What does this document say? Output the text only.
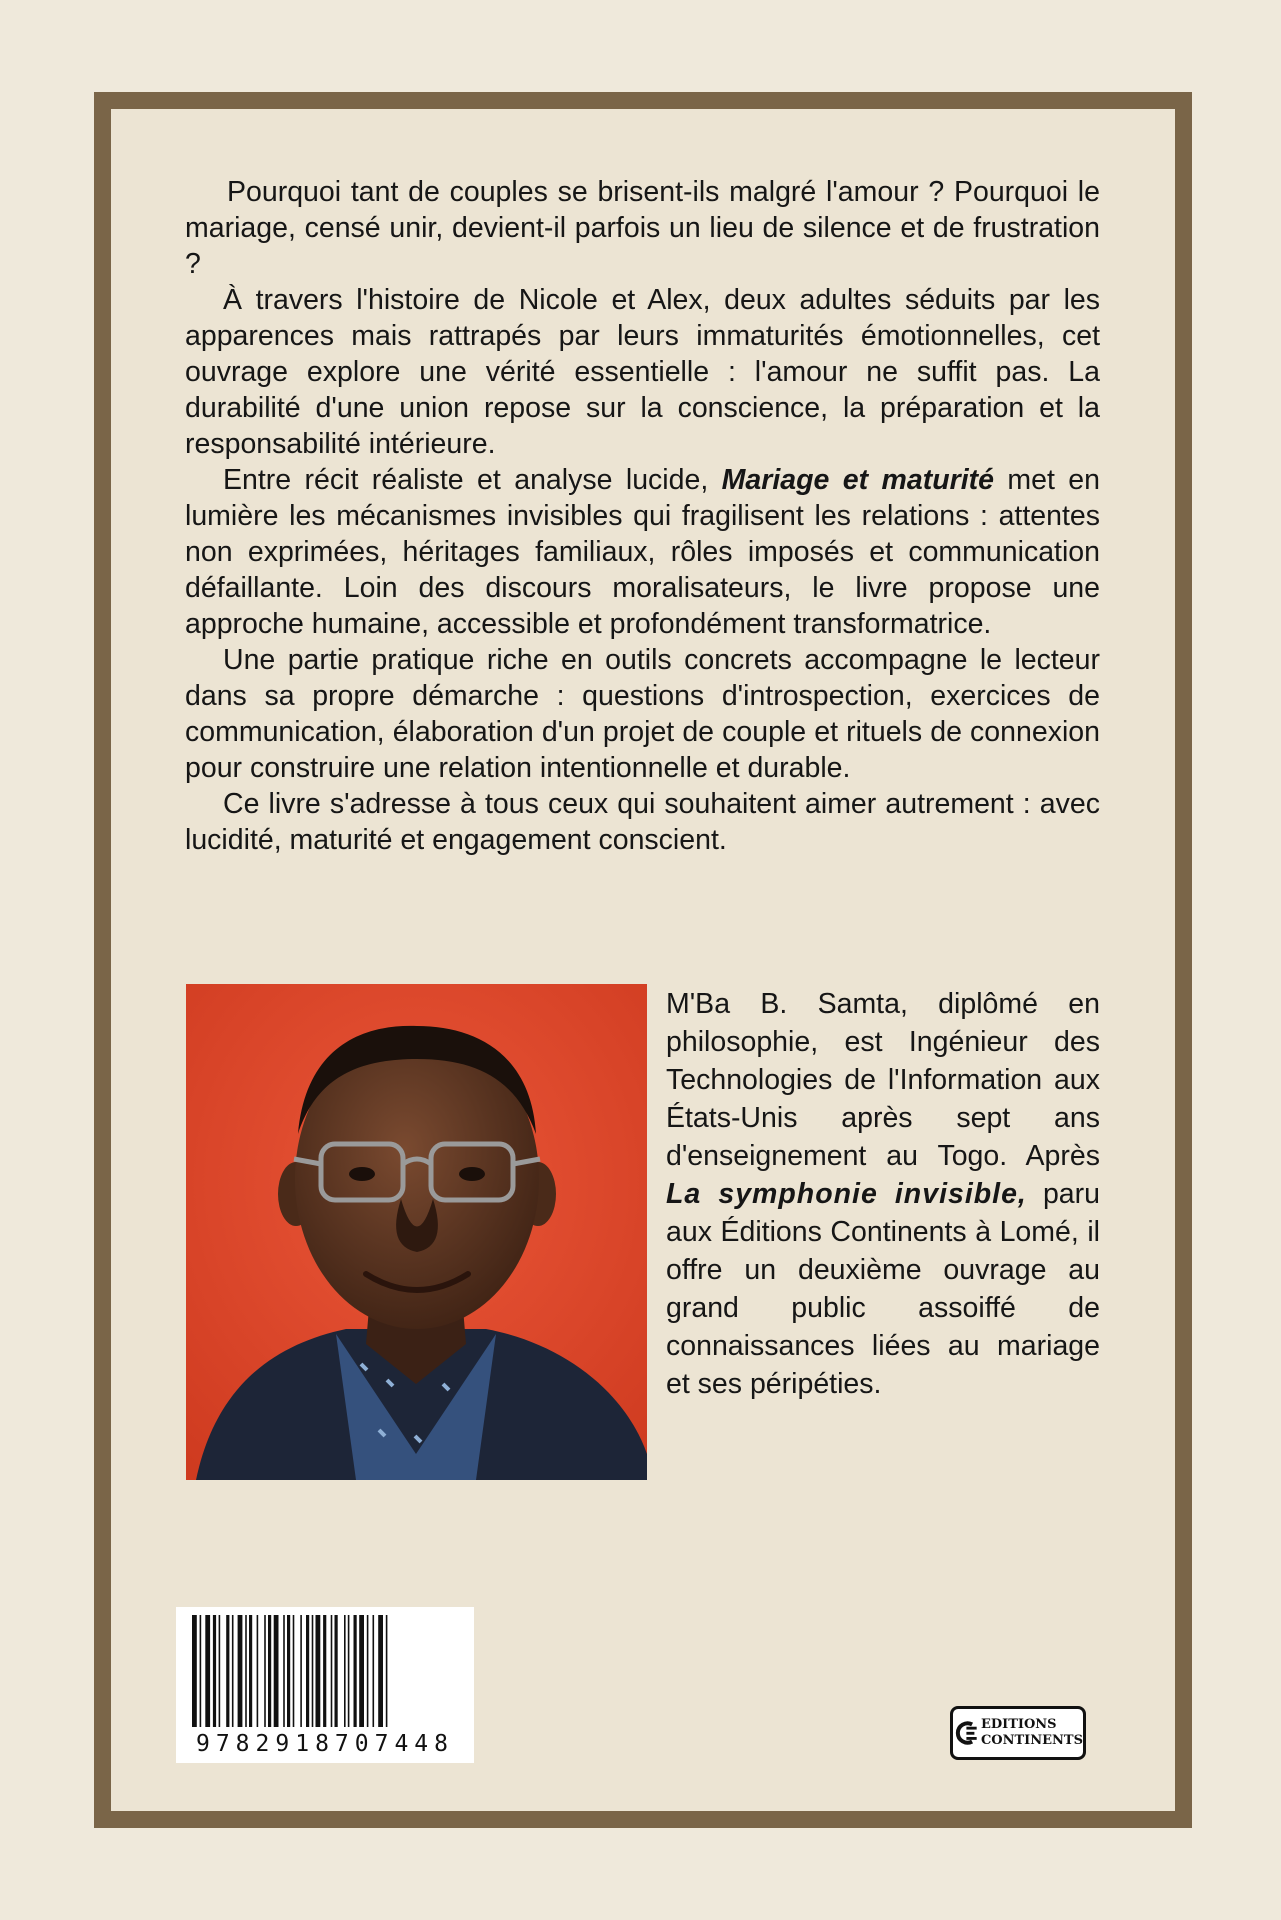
Pourquoi tant de couples se brisent-ils malgré l'amour ? Pourquoi le mariage, censé unir, devient-il parfois un lieu de silence et de frustration ?

À travers l'histoire de Nicole et Alex, deux adultes séduits par les apparences mais rattrapés par leurs immaturités émotionnelles, cet ouvrage explore une vérité essentielle : l'amour ne suffit pas. La durabilité d'une union repose sur la conscience, la préparation et la responsabilité intérieure.

Entre récit réaliste et analyse lucide, Mariage et maturité met en lumière les mécanismes invisibles qui fragilisent les relations : attentes non exprimées, héritages familiaux, rôles imposés et communication défaillante. Loin des discours moralisateurs, le livre propose une approche humaine, accessible et profondément transformatrice.

Une partie pratique riche en outils concrets accompagne le lecteur dans sa propre démarche : questions d'introspection, exercices de communication, élaboration d'un projet de couple et rituels de connexion pour construire une relation intentionnelle et durable.

Ce livre s'adresse à tous ceux qui souhaitent aimer autrement : avec lucidité, maturité et engagement conscient.

M'Ba B. Samta, diplômé en philosophie, est Ingénieur des Technologies de l'Information aux États-Unis après sept ans d'enseignement au Togo. Après La symphonie invisible, paru aux Éditions Continents à Lomé, il offre un deuxième ouvrage au grand public assoiffé de connaissances liées au mariage et ses péripéties.

9782918707448
EDITIONS
CONTINENTS
